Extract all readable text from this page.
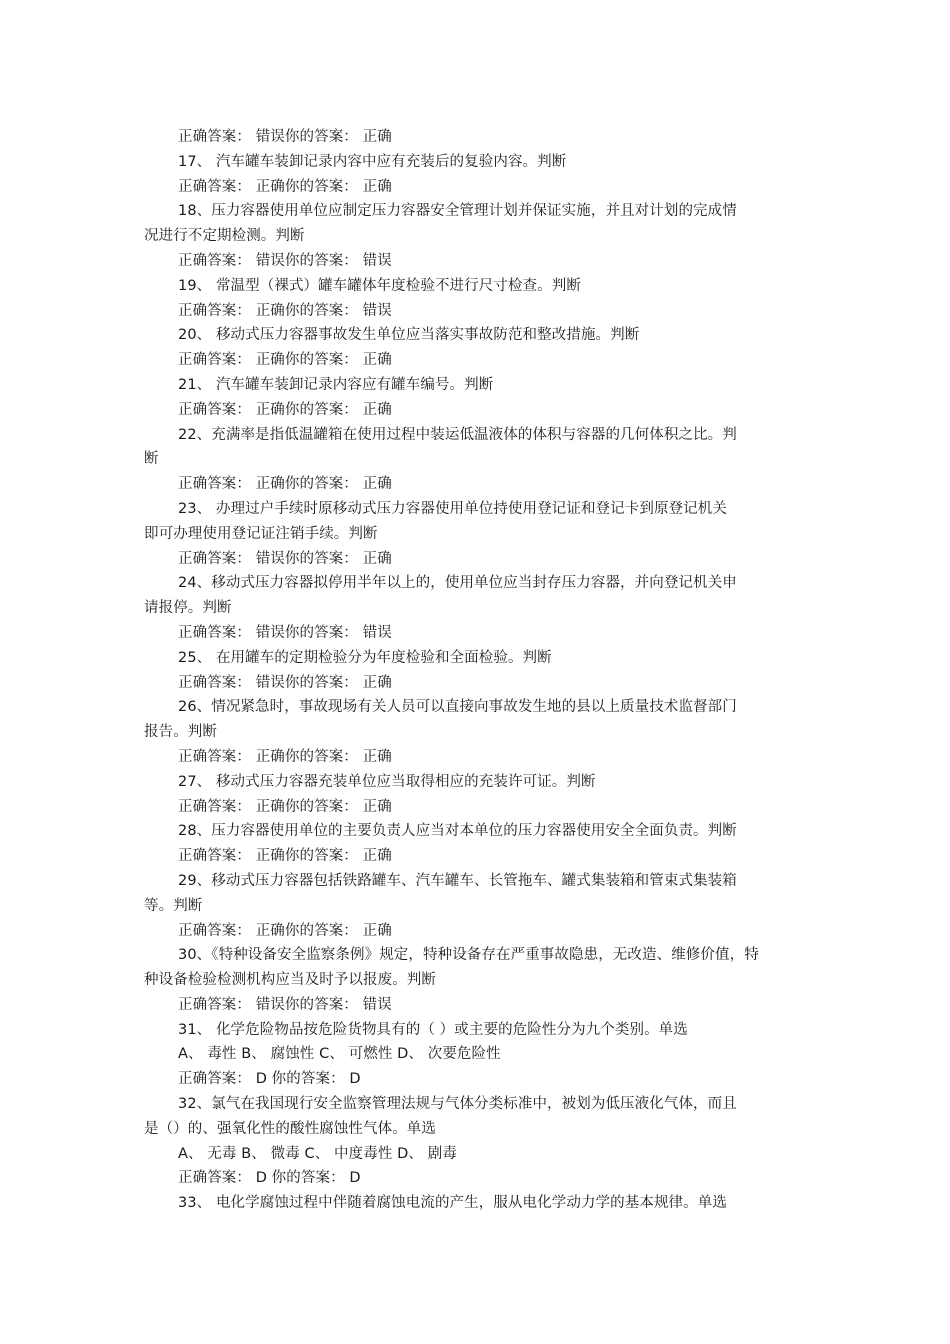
正确答案： 错误你的答案： 正确
17、 汽车罐车装卸记录内容中应有充装后的复验内容。判断
正确答案： 正确你的答案： 正确
18、压力容器使用单位应制定压力容器安全管理计划并保证实施，并且对计划的完成情
况进行不定期检测。判断
正确答案： 错误你的答案： 错误
19、 常温型（裸式）罐车罐体年度检验不进行尺寸检查。判断
正确答案： 正确你的答案： 错误
20、 移动式压力容器事故发生单位应当落实事故防范和整改措施。判断
正确答案： 正确你的答案： 正确
21、 汽车罐车装卸记录内容应有罐车编号。判断
正确答案： 正确你的答案： 正确
22、充满率是指低温罐箱在使用过程中装运低温液体的体积与容器的几何体积之比。判
断
正确答案： 正确你的答案： 正确
23、 办理过户手续时原移动式压力容器使用单位持使用登记证和登记卡到原登记机关
即可办理使用登记证注销手续。判断
正确答案： 错误你的答案： 正确
24、移动式压力容器拟停用半年以上的，使用单位应当封存压力容器，并向登记机关申
请报停。判断
正确答案： 错误你的答案： 错误
25、 在用罐车的定期检验分为年度检验和全面检验。判断
正确答案： 错误你的答案： 正确
26、情况紧急时，事故现场有关人员可以直接向事故发生地的县以上质量技术监督部门
报告。判断
正确答案： 正确你的答案： 正确
27、 移动式压力容器充装单位应当取得相应的充装许可证。判断
正确答案： 正确你的答案： 正确
28、压力容器使用单位的主要负责人应当对本单位的压力容器使用安全全面负责。判断
正确答案： 正确你的答案： 正确
29、移动式压力容器包括铁路罐车、汽车罐车、长管拖车、罐式集装箱和管束式集装箱
等。判断
正确答案： 正确你的答案： 正确
30、《特种设备安全监察条例》规定，特种设备存在严重事故隐患，无改造、维修价值，特
种设备检验检测机构应当及时予以报废。判断
正确答案： 错误你的答案： 错误
31、 化学危险物品按危险货物具有的（ ）或主要的危险性分为九个类别。单选
A、 毒性 B、 腐蚀性 C、 可燃性 D、 次要危险性
正确答案： D 你的答案： D
32、氯气在我国现行安全监察管理法规与气体分类标准中，被划为低压液化气体，而且
是（）的、强氧化性的酸性腐蚀性气体。单选
A、 无毒 B、 微毒 C、 中度毒性 D、 剧毒
正确答案： D 你的答案： D
33、 电化学腐蚀过程中伴随着腐蚀电流的产生，服从电化学动力学的基本规律。单选
